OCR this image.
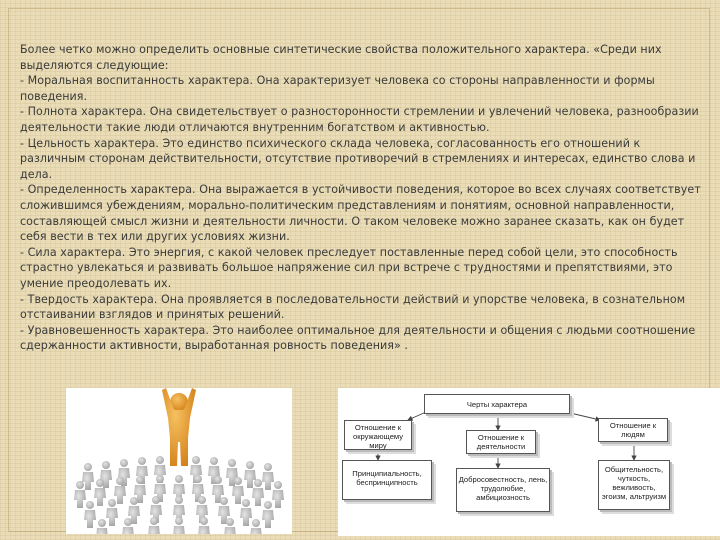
Более четко можно определить основные синтетические свойства положительного характера. «Среди них выделяются следующие:

- Моральная воспитанность характера. Она характеризует человека со стороны направленности и формы поведения.

- Полнота характера. Она свидетельствует о разносторонности стремлении и увлечений человека, разнообразии деятельности такие люди отличаются внутренним богатством и активностью.

- Цельность характера. Это единство психического склада человека, согласованность его отношений к различным сторонам действительности, отсутствие противоречий в стремлениях и интересах, единство слова и дела.

- Определенность характера. Она выражается в устойчивости поведения, которое во всех случаях соответствует сложившимся убеждениям, морально-политическим представлениям и понятиям, основной направленности, составляющей смысл жизни и деятельности личности. О таком человеке можно заранее сказать, как он будет себя вести в тех или других условиях жизни.

- Сила характера. Это энергия, с какой человек преследует поставленные перед собой цели, это способность страстно увлекаться и развивать большое напряжение сил при встрече с трудностями и препятствиями, это умение преодолевать их.

- Твердость характера. Она проявляется в последовательности действий и упорстве человека, в сознательном отстаивании взглядов и принятых решений.

- Уравновешенность характера. Это наиболее оптимальное для деятельности и общения с людьми соотношение сдержанности активности, выработанная ровность поведения» .

Черты характера
Отношение к окружающему миру
Отношение к деятельности
Отношение к людям
Принципиальность, беспринципность	Добросовестность, лень, трудолюбие, амбициозность
Общительность, чуткость, вежливость, эгоизм, альтруизм
